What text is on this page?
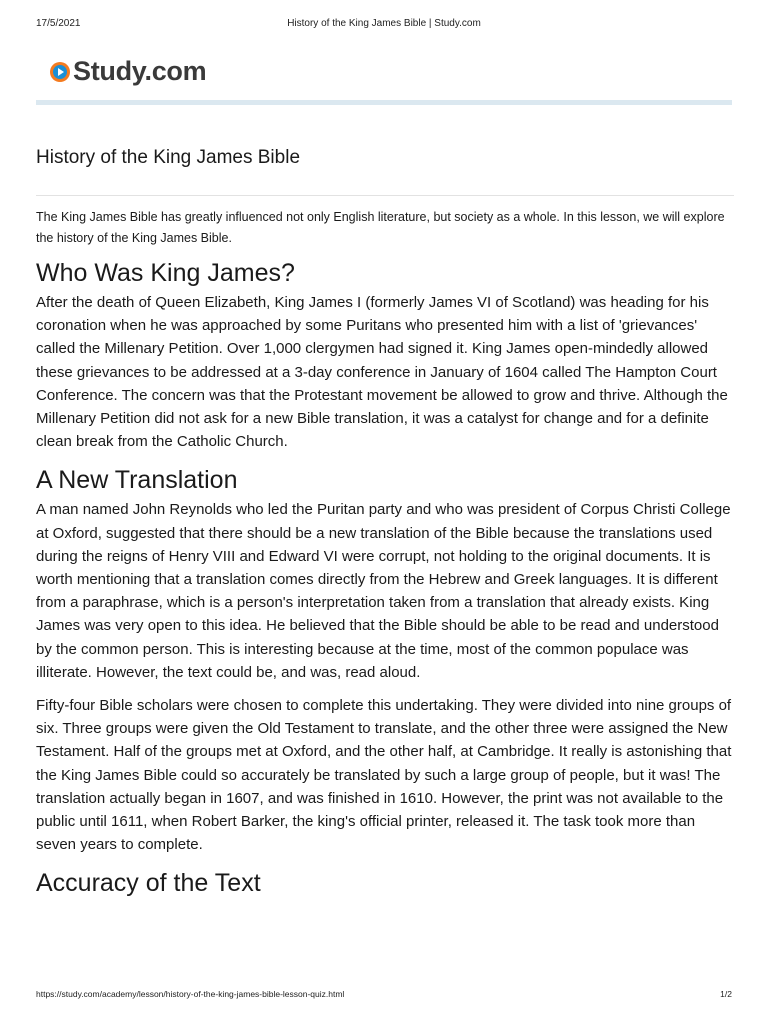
17/5/2021	History of the King James Bible | Study.com
Study.com
History of the King James Bible

The King James Bible has greatly influenced not only English literature, but society as a whole. In this lesson, we will explore the history of the King James Bible.

Who Was King James?

After the death of Queen Elizabeth, King James I (formerly James VI of Scotland) was heading for his coronation when he was approached by some Puritans who presented him with a list of 'grievances' called the Millenary Petition. Over 1,000 clergymen had signed it. King James open-mindedly allowed these grievances to be addressed at a 3-day conference in January of 1604 called The Hampton Court Conference. The concern was that the Protestant movement be allowed to grow and thrive. Although the Millenary Petition did not ask for a new Bible translation, it was a catalyst for change and for a definite clean break from the Catholic Church.

A New Translation

A man named John Reynolds who led the Puritan party and who was president of Corpus Christi College at Oxford, suggested that there should be a new translation of the Bible because the translations used during the reigns of Henry VIII and Edward VI were corrupt, not holding to the original documents. It is worth mentioning that a translation comes directly from the Hebrew and Greek languages. It is different from a paraphrase, which is a person's interpretation taken from a translation that already exists. King James was very open to this idea. He believed that the Bible should be able to be read and understood by the common person. This is interesting because at the time, most of the common populace was illiterate. However, the text could be, and was, read aloud.

Fifty-four Bible scholars were chosen to complete this undertaking. They were divided into nine groups of six. Three groups were given the Old Testament to translate, and the other three were assigned the New Testament. Half of the groups met at Oxford, and the other half, at Cambridge. It really is astonishing that the King James Bible could so accurately be translated by such a large group of people, but it was! The translation actually began in 1607, and was finished in 1610. However, the print was not available to the public until 1611, when Robert Barker, the king's official printer, released it. The task took more than seven years to complete.

Accuracy of the Text
https://study.com/academy/lesson/history-of-the-king-james-bible-lesson-quiz.html	1/2
